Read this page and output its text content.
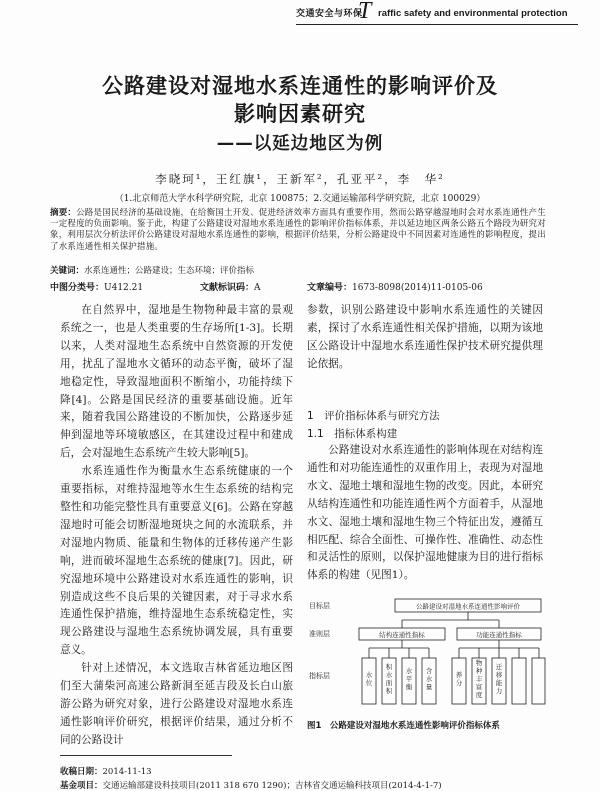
交通安全与环保
T raffic safety and environmental protection
公路建设对湿地水系连通性的影响评价及
影响因素研究
——以延边地区为例
李晓珂¹，王红旗¹，王新军²，孔亚平²，李　华²
（1.北京师范大学水科学研究院，北京 100875；2.交通运输部科学研究院，北京 100029）
摘要：公路是国民经济的基础设施，在给衡国土开发、促进经济效率方面具有重要作用，然而公路穿越湿地时会对水系连通性产生一定程度的负面影响。鉴于此，构建了公路建设对湿地水系连通性的影响评价指标体系，并以延边地区两条公路五个路段为研究对象，利用层次分析法评价公路建设对湿地水系连通性的影响，根据评价结果，分析公路建设中不同因素对连通性的影响程度，提出了水系连通性相关保护措施。
关键词：水系连通性；公路建设；生态环境；评价指标
中图分类号：U412.21	文献标识码：A	文章编号：1673-8098(2014)11-0105-06

在自然界中，湿地是生物物种最丰富的景观系统之一，也是人类重要的生存场所[1-3]。长期以来，人类对湿地生态系统中自然资源的开发使用，扰乱了湿地水文循环的动态平衡，破坏了湿地稳定性，导致湿地面积不断缩小，功能持续下降[4]。公路是国民经济的重要基础设施。近年来，随着我国公路建设的不断加快，公路逐步延伸到湿地等环境敏感区，在其建设过程中和建成后，会对湿地生态系统产生较大影响[5]。

水系连通性作为衡量水生态系统健康的一个重要指标，对维持湿地等水生生态系统的结构完整性和功能完整性具有重要意义[6]。公路在穿越湿地时可能会切断湿地斑块之间的水流联系，并对湿地内物质、能量和生物体的迁移传递产生影响，进而破坏湿地生态系统的健康[7]。因此，研究湿地环境中公路建设对水系连通性的影响，识别造成这些不良后果的关键因素，对于寻求水系连通性保护措施，维持湿地生态系统稳定性，实现公路建设与湿地生态系统协调发展，具有重要意义。

针对上述情况，本文选取吉林省延边地区图们至大蒲柴河高速公路新洞至延吉段及长白山旅游公路为研究对象，进行公路建设对湿地水系连通性影响评价研究，根据评价结果，通过分析不同的公路设计

参数，识别公路建设中影响水系连通性的关键因素，探讨了水系连通性相关保护措施，以期为该地区公路设计中湿地水系连通性保护技术研究提供理论依据。

1　评价指标体系与研究方法
1.1　指标体系构建

公路建设对水系连通性的影响体现在对结构连通性和对功能连通性的双重作用上，表现为对湿地水文、湿地土壤和湿地生物的改变。因此，本研究从结构连通性和功能连通性两个方面着手，从湿地水文、湿地土壤和湿地生物三个特征出发，遵循互相匹配、综合全面性、可操作性、准确性、动态性和灵活性的原则，以保护湿地健康为目的进行指标体系的构建（见图1）。

目标层
准则层
指标层
公路建设对湿地水系连通性影响评价
结构连通性指标	功能连通性指标
水位
积水面积
水平衡
含水量
养分
物种丰富度
迁移能力
图1　公路建设对湿地水系连通性影响评价指标体系
收稿日期：2014-11-13
基金项目：交通运输部建设科技项目(2011 318 670 1290)；吉林省交通运输科技项目(2014-4-1-7)
